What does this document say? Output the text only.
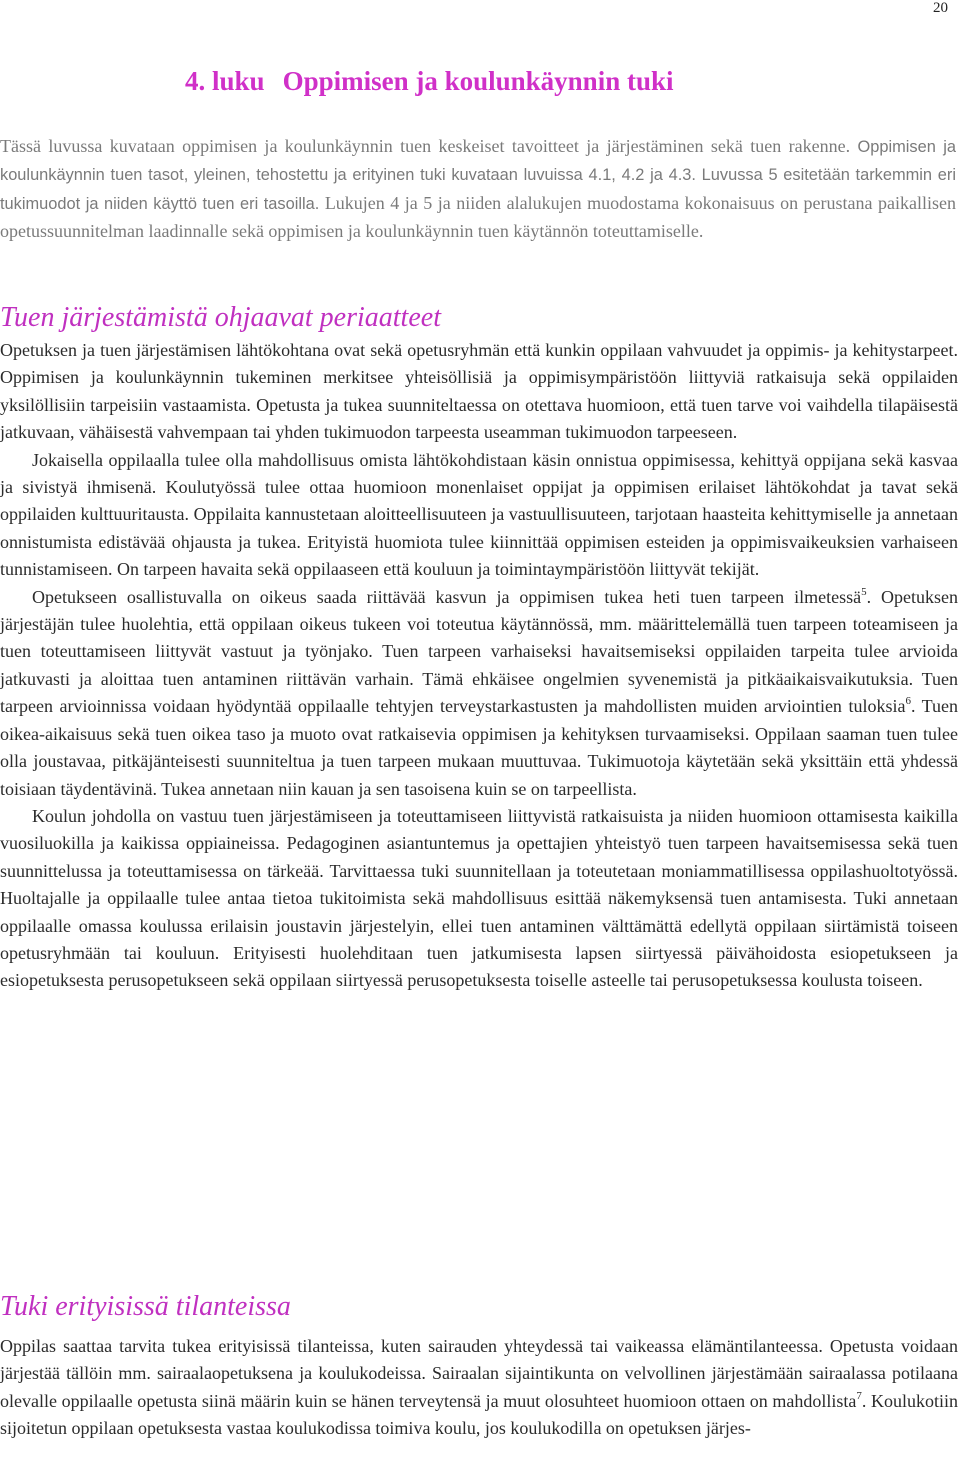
20
4. luku Oppimisen ja koulunkäynnin tuki

Tässä luvussa kuvataan oppimisen ja koulunkäynnin tuen keskeiset tavoitteet ja järjestäminen sekä tuen rakenne. Oppimisen ja koulunkäynnin tuen tasot, yleinen, tehostettu ja erityinen tuki kuvataan luvuissa 4.1, 4.2 ja 4.3. Luvussa 5 esitetään tarkemmin eri tukimuodot ja niiden käyttö tuen eri tasoilla. Lukujen 4 ja 5 ja niiden alalukujen muodostama kokonaisuus on perustana paikallisen opetussuunnitelman laadinnalle sekä oppimisen ja koulunkäynnin tuen käytännön toteuttamiselle.

Tuen järjestämistä ohjaavat periaatteet

Opetuksen ja tuen järjestämisen lähtökohtana ovat sekä opetusryhmän että kunkin oppilaan vahvuudet ja oppimis- ja kehitystarpeet. Oppimisen ja koulunkäynnin tukeminen merkitsee yhteisöllisiä ja oppimisympäristöön liittyviä ratkaisuja sekä oppilaiden yksilöllisiin tarpeisiin vastaamista. Opetusta ja tukea suunniteltaessa on otettava huomioon, että tuen tarve voi vaihdella tilapäisestä jatkuvaan, vähäisestä vahvempaan tai yhden tukimuodon tarpeesta useamman tukimuodon tarpeeseen.

Jokaisella oppilaalla tulee olla mahdollisuus omista lähtökohdistaan käsin onnistua oppimisessa, kehittyä oppijana sekä kasvaa ja sivistyä ihmisenä. Koulutyössä tulee ottaa huomioon monenlaiset oppijat ja oppimisen erilaiset lähtökohdat ja tavat sekä oppilaiden kulttuuritausta. Oppilaita kannustetaan aloitteellisuuteen ja vastuullisuuteen, tarjotaan haasteita kehittymiselle ja annetaan onnistumista edistävää ohjausta ja tukea. Erityistä huomiota tulee kiinnittää oppimisen esteiden ja oppimisvaikeuksien varhaiseen tunnistamiseen. On tarpeen havaita sekä oppilaaseen että kouluun ja toimintaympäristöön liittyvät tekijät.

Opetukseen osallistuvalla on oikeus saada riittävää kasvun ja oppimisen tukea heti tuen tarpeen ilmetessä$^5$. Opetuksen järjestäjän tulee huolehtia, että oppilaan oikeus tukeen voi toteutua käytännössä, mm. määrittelemällä tuen tarpeen toteamiseen ja tuen toteuttamiseen liittyvät vastuut ja työnjako. Tuen tarpeen varhaiseksi havaitsemiseksi oppilaiden tarpeita tulee arvioida jatkuvasti ja aloittaa tuen antaminen riittävän varhain. Tämä ehkäisee ongelmien syvenemistä ja pitkäaikaisvaikutuksia. Tuen tarpeen arvioinnissa voidaan hyödyntää oppilaalle tehtyjen terveystarkastusten ja mahdollisten muiden arviointien tuloksia$^6$. Tuen oikea-aikaisuus sekä tuen oikea taso ja muoto ovat ratkaisevia oppimisen ja kehityksen turvaamiseksi. Oppilaan saaman tuen tulee olla joustavaa, pitkäjänteisesti suunniteltua ja tuen tarpeen mukaan muuttuvaa. Tukimuotoja käytetään sekä yksittäin että yhdessä toisiaan täydentävinä. Tukea annetaan niin kauan ja sen tasoisena kuin se on tarpeellista.

Koulun johdolla on vastuu tuen järjestämiseen ja toteuttamiseen liittyvistä ratkaisuista ja niiden huomioon ottamisesta kaikilla vuosiluokilla ja kaikissa oppiaineissa. Pedagoginen asiantuntemus ja opettajien yhteistyö tuen tarpeen havaitsemisessa sekä tuen suunnittelussa ja toteuttamisessa on tärkeää. Tarvittaessa tuki suunnitellaan ja toteutetaan moniammatillisessa oppilashuoltotyössä. Huoltajalle ja oppilaalle tulee antaa tietoa tukitoimista sekä mahdollisuus esittää näkemyksensä tuen antamisesta. Tuki annetaan oppilaalle omassa koulussa erilaisin joustavin järjestelyin, ellei tuen antaminen välttämättä edellytä oppilaan siirtämistä toiseen opetusryhmään tai kouluun. Erityisesti huolehditaan tuen jatkumisesta lapsen siirtyessä päivähoidosta esiopetukseen ja esiopetuksesta perusopetukseen sekä oppilaan siirtyessä perusopetuksesta toiselle asteelle tai perusopetuksessa koulusta toiseen.

Tuki erityisissä tilanteissa

Oppilas saattaa tarvita tukea erityisissä tilanteissa, kuten sairauden yhteydessä tai vaikeassa elämäntilanteessa. Opetusta voidaan järjestää tällöin mm. sairaalaopetuksena ja koulukodeissa. Sairaalan sijaintikunta on velvollinen järjestämään sairaalassa potilaana olevalle oppilaalle opetusta siinä määrin kuin se hänen terveytensä ja muut olosuhteet huomioon ottaen on mahdollista$^7$. Koulukotiin sijoitetun oppilaan opetuksesta vastaa koulukodissa toimiva koulu, jos koulukodilla on opetuksen järjes-
